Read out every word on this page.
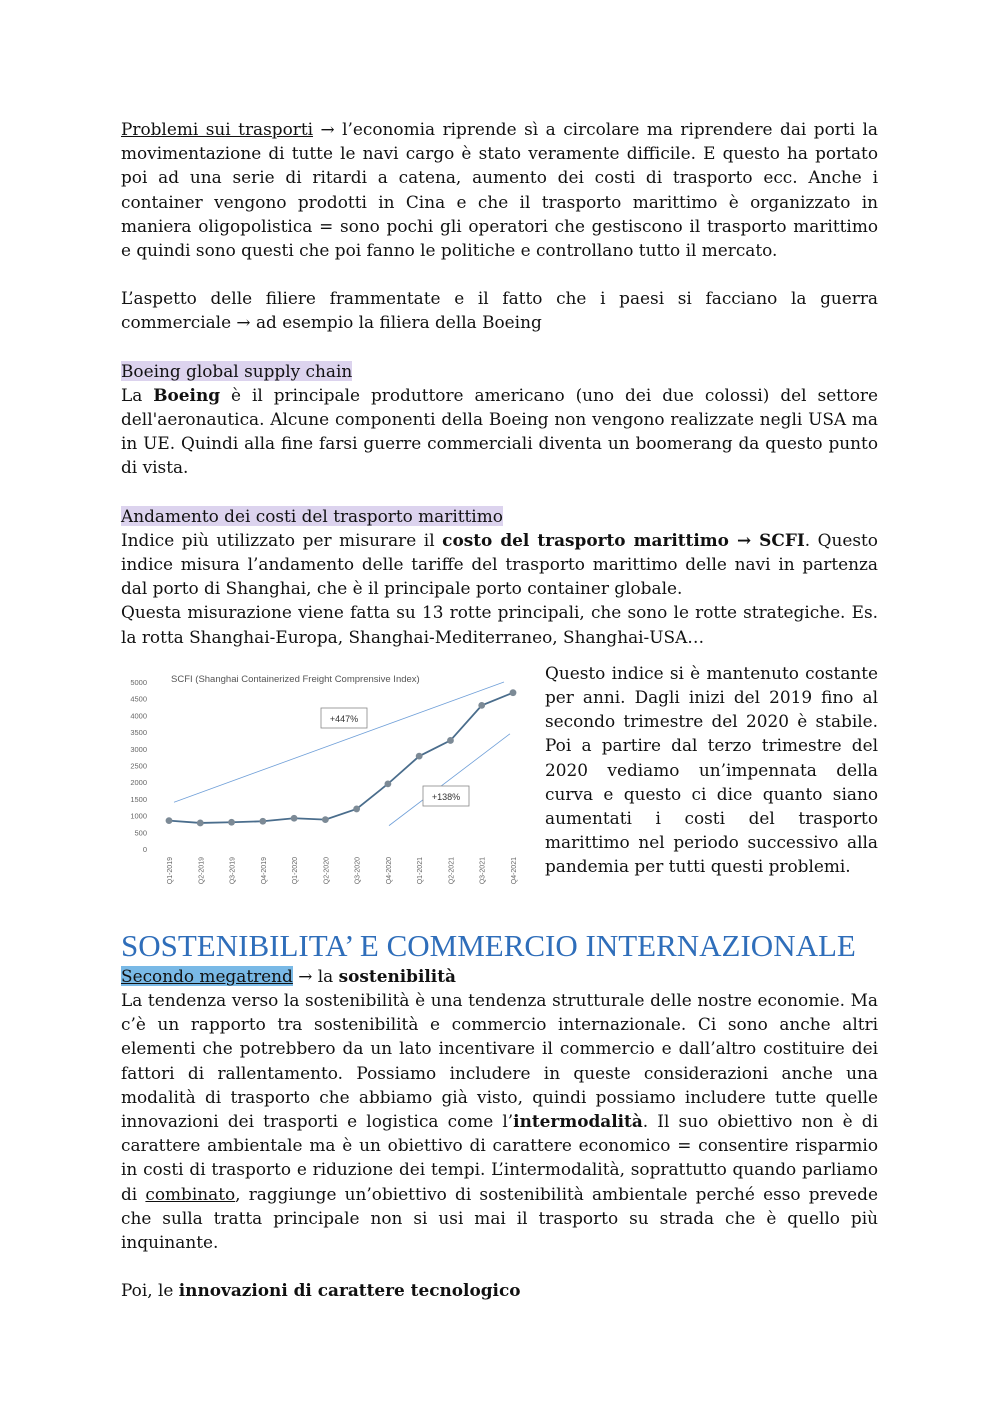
Problemi sui trasporti → l’economia riprende sì a circolare ma riprendere dai porti la movimentazione di tutte le navi cargo è stato veramente difficile. E questo ha portato poi ad una serie di ritardi a catena, aumento dei costi di trasporto ecc. Anche i container vengono prodotti in Cina e che il trasporto marittimo è organizzato in maniera oligopolistica = sono pochi gli operatori che gestiscono il trasporto marittimo e quindi sono questi che poi fanno le politiche e controllano tutto il mercato.

L’aspetto delle filiere frammentate e il fatto che i paesi si facciano la guerra commerciale → ad esempio la filiera della Boeing

Boeing global supply chain

La Boeing è il principale produttore americano (uno dei due colossi) del settore dell'aeronautica. Alcune componenti della Boeing non vengono realizzate negli USA ma in UE. Quindi alla fine farsi guerre commerciali diventa un boomerang da questo punto di vista.

Andamento dei costi del trasporto marittimo

Indice più utilizzato per misurare il costo del trasporto marittimo → SCFI. Questo indice misura l’andamento delle tariffe del trasporto marittimo delle navi in partenza dal porto di Shanghai, che è il principale porto container globale.

Questa misurazione viene fatta su 13 rotte principali, che sono le rotte strategiche. Es. la rotta Shanghai-Europa, Shanghai-Mediterraneo, Shanghai-USA…

SCFI (Shanghai Containerized Freight Comprensive Index)
0
500
1000
1500
2000
2500
3000
3500
4000
4500
5000
Q1-2019	Q2-2019	Q3-2019	Q4-2019	Q1-2020	Q2-2020	Q3-2020	Q4-2020	Q1-2021	Q2-2021	Q3-2021	Q4-2021
+447%
+138%

Questo indice si è mantenuto costante per anni. Dagli inizi del 2019 fino al secondo trimestre del 2020 è stabile. Poi a partire dal terzo trimestre del 2020 vediamo un’impennata della curva e questo ci dice quanto siano aumentati i costi del trasporto marittimo nel periodo successivo alla pandemia per tutti questi problemi.

SOSTENIBILITA’ E COMMERCIO INTERNAZIONALE

Secondo megatrend → la sostenibilità

La tendenza verso la sostenibilità è una tendenza strutturale delle nostre economie. Ma c’è un rapporto tra sostenibilità e commercio internazionale. Ci sono anche altri elementi che potrebbero da un lato incentivare il commercio e dall’altro costituire dei fattori di rallentamento. Possiamo includere in queste considerazioni anche una modalità di trasporto che abbiamo già visto, quindi possiamo includere tutte quelle innovazioni dei trasporti e logistica come l’intermodalità. Il suo obiettivo non è di carattere ambientale ma è un obiettivo di carattere economico = consentire risparmio in costi di trasporto e riduzione dei tempi. L’intermodalità, soprattutto quando parliamo di combinato, raggiunge un’obiettivo di sostenibilità ambientale perché esso prevede che sulla tratta principale non si usi mai il trasporto su strada che è quello più inquinante.

Poi, le innovazioni di carattere tecnologico
